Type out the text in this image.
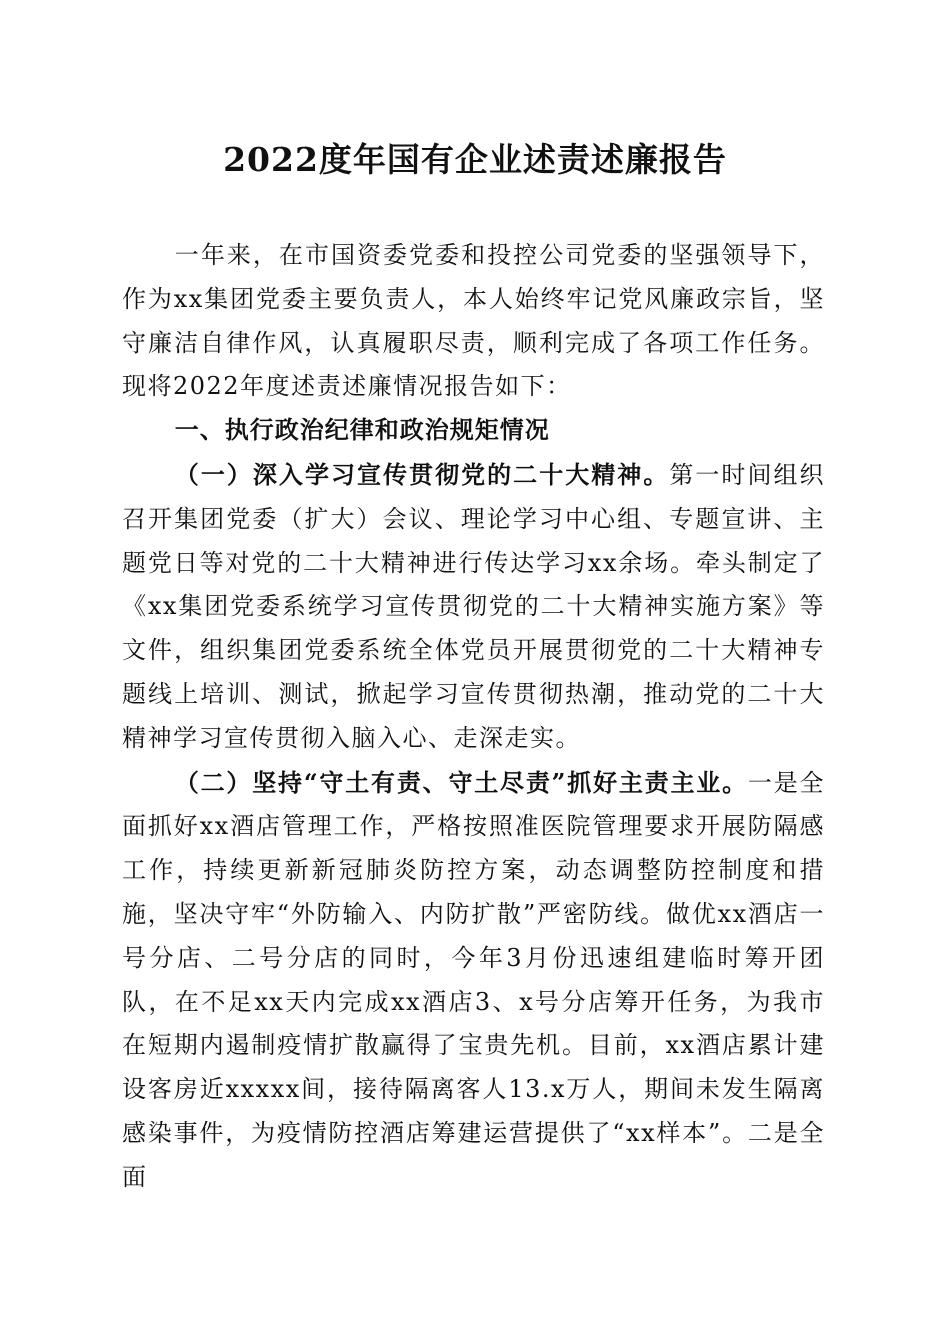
2022度年国有企业述责述廉报告

一年来，在市国资委党委和投控公司党委的坚强领导下，作为xx集团党委主要负责人，本人始终牢记党风廉政宗旨，坚守廉洁自律作风，认真履职尽责，顺利完成了各项工作任务。现将2022年度述责述廉情况报告如下：

一、执行政治纪律和政治规矩情况

（一）深入学习宣传贯彻党的二十大精神。第一时间组织召开集团党委（扩大）会议、理论学习中心组、专题宣讲、主题党日等对党的二十大精神进行传达学习xx余场。牵头制定了《xx集团党委系统学习宣传贯彻党的二十大精神实施方案》等文件，组织集团党委系统全体党员开展贯彻党的二十大精神专题线上培训、测试，掀起学习宣传贯彻热潮，推动党的二十大精神学习宣传贯彻入脑入心、走深走实。

（二）坚持“守土有责、守土尽责”抓好主责主业。一是全面抓好xx酒店管理工作，严格按照准医院管理要求开展防隔感工作，持续更新新冠肺炎防控方案，动态调整防控制度和措施，坚决守牢“外防输入、内防扩散”严密防线。做优xx酒店一号分店、二号分店的同时，今年3月份迅速组建临时筹开团队，在不足xx天内完成xx酒店3、x号分店筹开任务，为我市在短期内遏制疫情扩散赢得了宝贵先机。目前，xx酒店累计建设客房近xxxxx间，接待隔离客人13.x万人，期间未发生隔离感染事件，为疫情防控酒店筹建运营提供了“xx样本”。二是全面
